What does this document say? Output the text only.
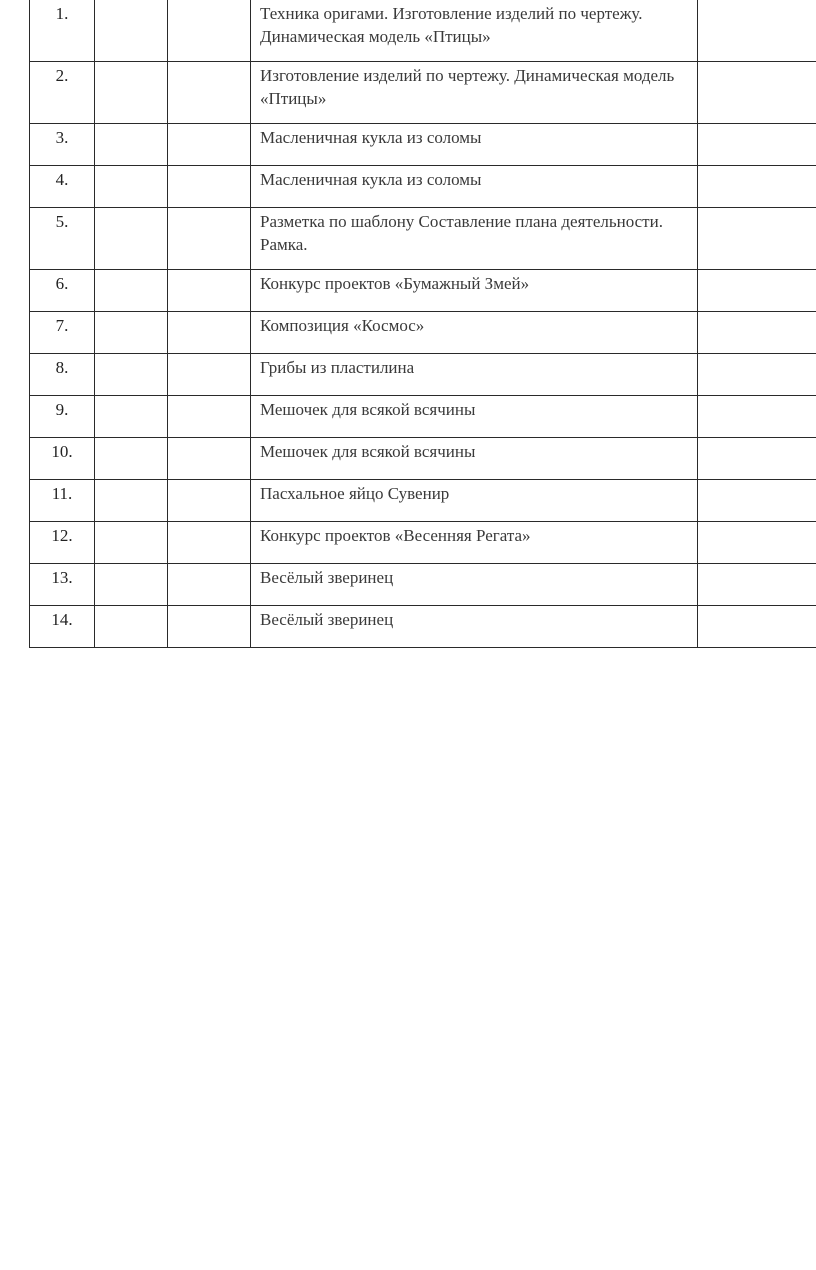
1.			Техника оригами. Изготовление изделий по чертежу. Динамическая модель «Птицы»	
2.			Изготовление изделий по чертежу. Динамическая модель «Птицы»	
3.			Масленичная кукла из соломы	
4.			Масленичная кукла из соломы	
5.			Разметка по шаблону Составление плана деятельности. Рамка.	
6.			Конкурс проектов «Бумажный Змей»	
7.			Композиция «Космос»	
8.			Грибы из пластилина	
9.			Мешочек для всякой всячины	
10.			Мешочек для всякой всячины	
11.			Пасхальное яйцо Сувенир	
12.			Конкурс проектов «Весенняя Регата»	
13.			Весёлый зверинец	
14.			Весёлый зверинец	
